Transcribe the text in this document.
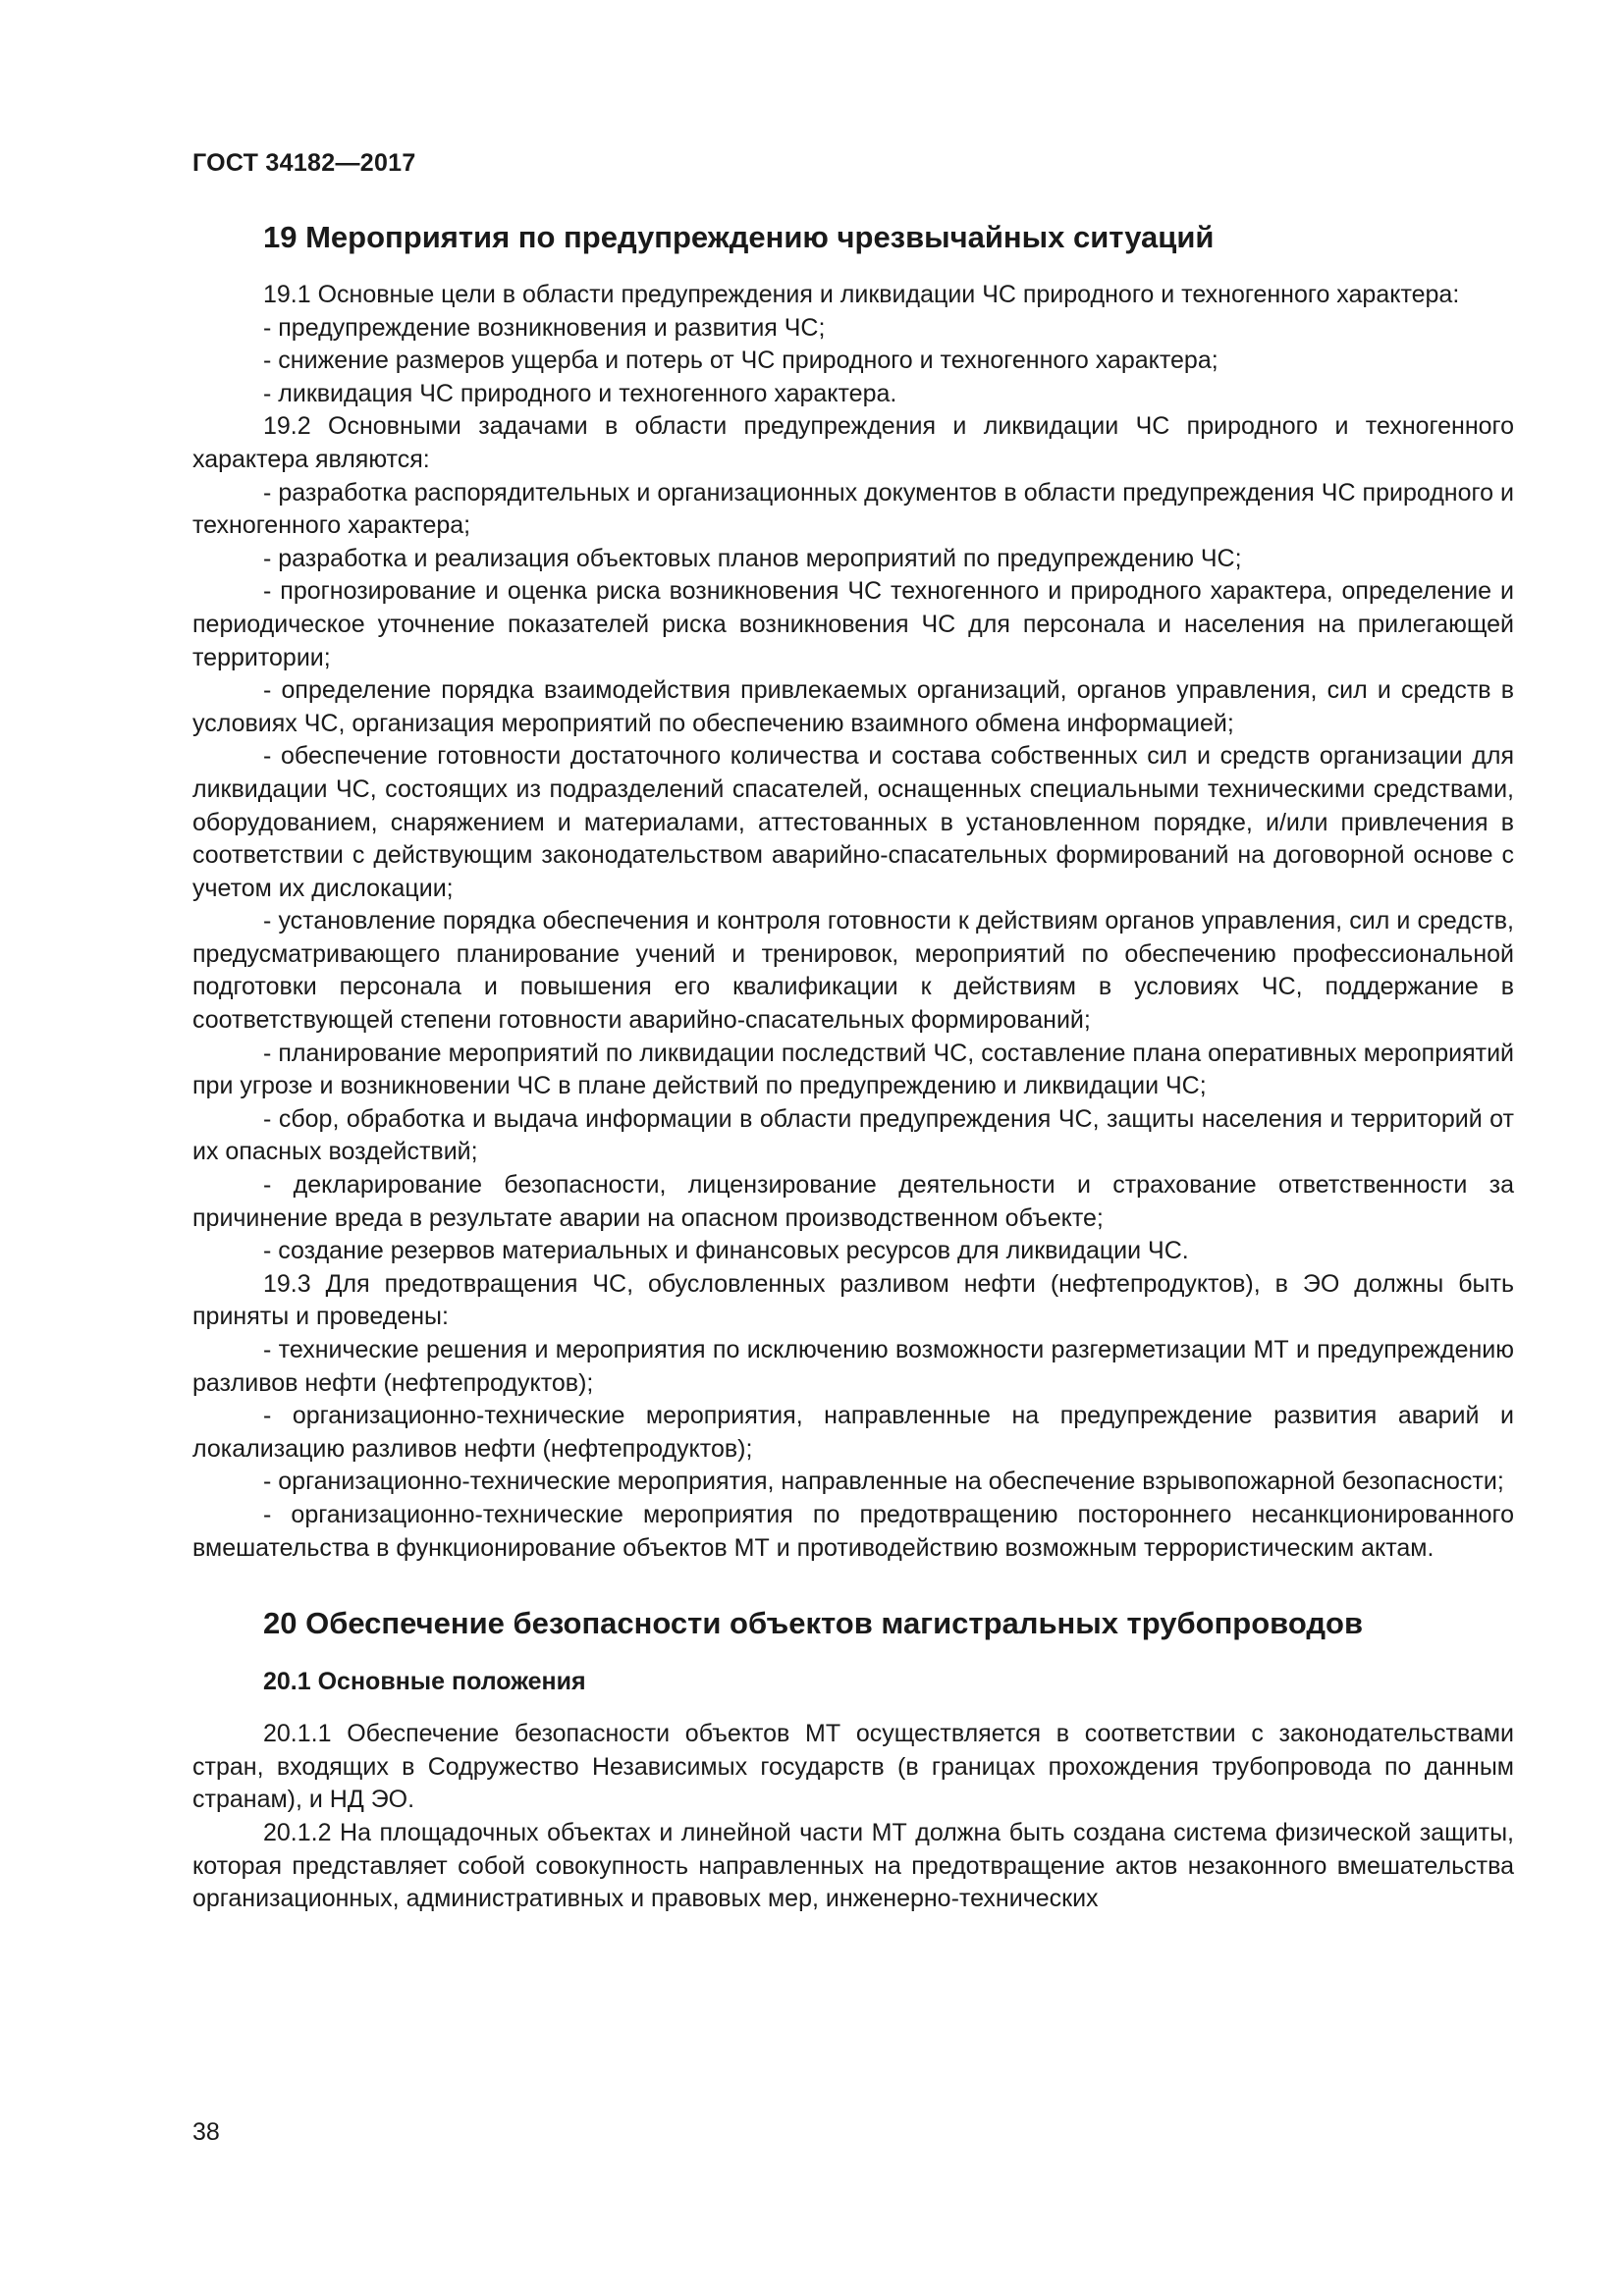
ГОСТ 34182—2017

19 Мероприятия по предупреждению чрезвычайных ситуаций

19.1 Основные цели в области предупреждения и ликвидации ЧС природного и техногенного характера:

- предупреждение возникновения и развития ЧС;

- снижение размеров ущерба и потерь от ЧС природного и техногенного характера;

- ликвидация ЧС природного и техногенного характера.

19.2 Основными задачами в области предупреждения и ликвидации ЧС природного и техногенного характера являются:

- разработка распорядительных и организационных документов в области предупреждения ЧС природного и техногенного характера;

- разработка и реализация объектовых планов мероприятий по предупреждению ЧС;

- прогнозирование и оценка риска возникновения ЧС техногенного и природного характера, определение и периодическое уточнение показателей риска возникновения ЧС для персонала и населения на прилегающей территории;

- определение порядка взаимодействия привлекаемых организаций, органов управления, сил и средств в условиях ЧС, организация мероприятий по обеспечению взаимного обмена информацией;

- обеспечение готовности достаточного количества и состава собственных сил и средств организации для ликвидации ЧС, состоящих из подразделений спасателей, оснащенных специальными техническими средствами, оборудованием, снаряжением и материалами, аттестованных в установленном порядке, и/или привлечения в соответствии с действующим законодательством аварийно-спасательных формирований на договорной основе с учетом их дислокации;

- установление порядка обеспечения и контроля готовности к действиям органов управления, сил и средств, предусматривающего планирование учений и тренировок, мероприятий по обеспечению профессиональной подготовки персонала и повышения его квалификации к действиям в условиях ЧС, поддержание в соответствующей степени готовности аварийно-спасательных формирований;

- планирование мероприятий по ликвидации последствий ЧС, составление плана оперативных мероприятий при угрозе и возникновении ЧС в плане действий по предупреждению и ликвидации ЧС;

- сбор, обработка и выдача информации в области предупреждения ЧС, защиты населения и территорий от их опасных воздействий;

- декларирование безопасности, лицензирование деятельности и страхование ответственности за причинение вреда в результате аварии на опасном производственном объекте;

- создание резервов материальных и финансовых ресурсов для ликвидации ЧС.

19.3 Для предотвращения ЧС, обусловленных разливом нефти (нефтепродуктов), в ЭО должны быть приняты и проведены:

- технические решения и мероприятия по исключению возможности разгерметизации МТ и предупреждению разливов нефти (нефтепродуктов);

- организационно-технические мероприятия, направленные на предупреждение развития аварий и локализацию разливов нефти (нефтепродуктов);

- организационно-технические мероприятия, направленные на обеспечение взрывопожарной безопасности;

- организационно-технические мероприятия по предотвращению постороннего несанкционированного вмешательства в функционирование объектов МТ и противодействию возможным террористическим актам.

20 Обеспечение безопасности объектов магистральных трубопроводов
20.1 Основные положения

20.1.1 Обеспечение безопасности объектов МТ осуществляется в соответствии с законодательствами стран, входящих в Содружество Независимых государств (в границах прохождения трубопровода по данным странам), и НД ЭО.

20.1.2 На площадочных объектах и линейной части МТ должна быть создана система физической защиты, которая представляет собой совокупность направленных на предотвращение актов незаконного вмешательства организационных, административных и правовых мер, инженерно-технических

38
